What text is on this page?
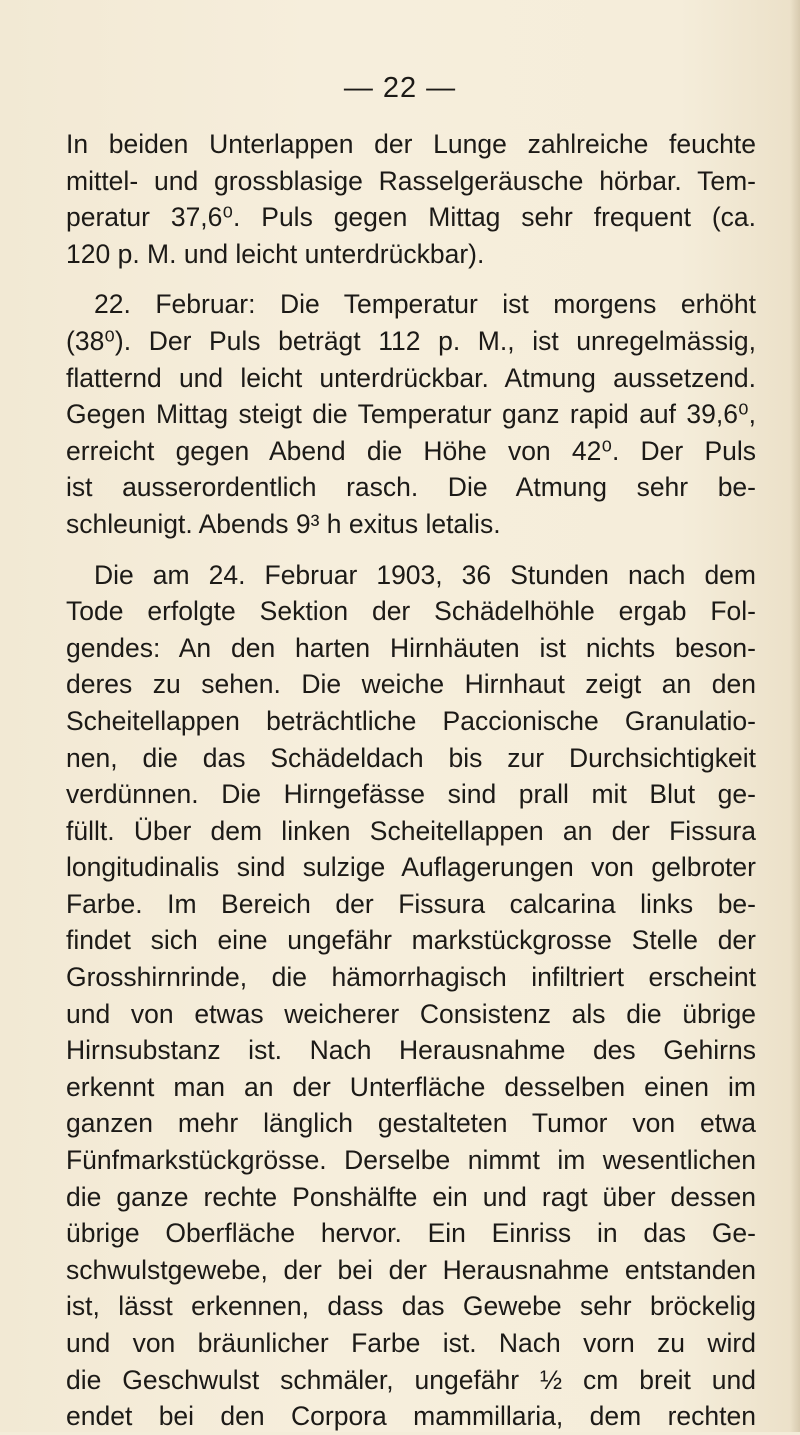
— 22 —
In beiden Unterlappen der Lunge zahlreiche feuchte
mittel- und grossblasige Rasselgeräusche hörbar. Tem-
peratur 37,6⁰. Puls gegen Mittag sehr frequent (ca.
120 p. M. und leicht unterdrückbar).
22. Februar: Die Temperatur ist morgens erhöht
(38⁰). Der Puls beträgt 112 p. M., ist unregelmässig,
flatternd und leicht unterdrückbar. Atmung aussetzend.
Gegen Mittag steigt die Temperatur ganz rapid auf 39,6⁰,
erreicht gegen Abend die Höhe von 42⁰. Der Puls
ist ausserordentlich rasch. Die Atmung sehr be-
schleunigt. Abends 9³ h exitus letalis.
Die am 24. Februar 1903, 36 Stunden nach dem
Tode erfolgte Sektion der Schädelhöhle ergab Fol-
gendes: An den harten Hirnhäuten ist nichts beson-
deres zu sehen. Die weiche Hirnhaut zeigt an den
Scheitellappen beträchtliche Paccionische Granulatio-
nen, die das Schädeldach bis zur Durchsichtigkeit
verdünnen. Die Hirngefässe sind prall mit Blut ge-
füllt. Über dem linken Scheitellappen an der Fissura
longitudinalis sind sulzige Auflagerungen von gelbroter
Farbe. Im Bereich der Fissura calcarina links be-
findet sich eine ungefähr markstückgrosse Stelle der
Grosshirnrinde, die hämorrhagisch infiltriert erscheint
und von etwas weicherer Consistenz als die übrige
Hirnsubstanz ist. Nach Herausnahme des Gehirns
erkennt man an der Unterfläche desselben einen im
ganzen mehr länglich gestalteten Tumor von etwa
Fünfmarkstückgrösse. Derselbe nimmt im wesentlichen
die ganze rechte Ponshälfte ein und ragt über dessen
übrige Oberfläche hervor. Ein Einriss in das Ge-
schwulstgewebe, der bei der Herausnahme entstanden
ist, lässt erkennen, dass das Gewebe sehr bröckelig
und von bräunlicher Farbe ist. Nach vorn zu wird
die Geschwulst schmäler, ungefähr ½ cm breit und
endet bei den Corpora mammillaria, dem rechten
